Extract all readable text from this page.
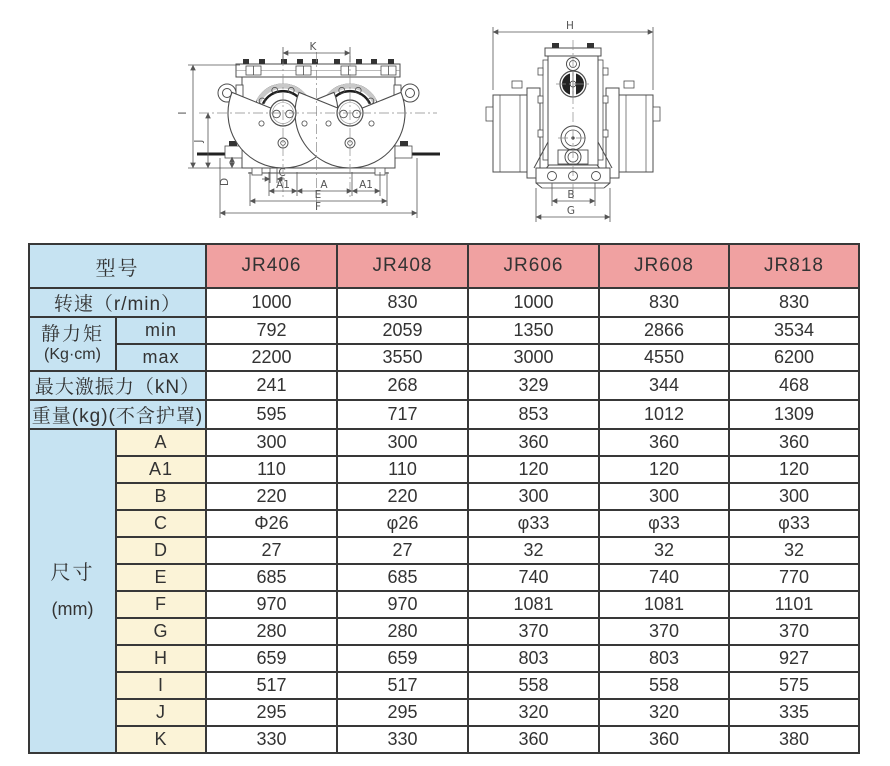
K
I
J
D
C
A1	A	A1
E
F
H
B
G
型号		JR406	JR408	JR606	JR608	JR818
转速（r/min）		1000	830	1000	830	830

静力矩
(Kg·cm)	min	792	2059	1350	2866	3534
	max	2200	3550	3000	4550	6200
最大激振力（kN）		241	268	329	344	468
重量(kg)(不含护罩)		595	717	853	1012	1309

尺寸
(mm)	A	300	300	360	360	360
	A1	110	110	120	120	120
	B	220	220	300	300	300
	C	Φ26	φ26	φ33	φ33	φ33
	D	27	27	32	32	32
	E	685	685	740	740	770
	F	970	970	1081	1081	1101
	G	280	280	370	370	370
	H	659	659	803	803	927
	I	517	517	558	558	575
	J	295	295	320	320	335
	K	330	330	360	360	380
